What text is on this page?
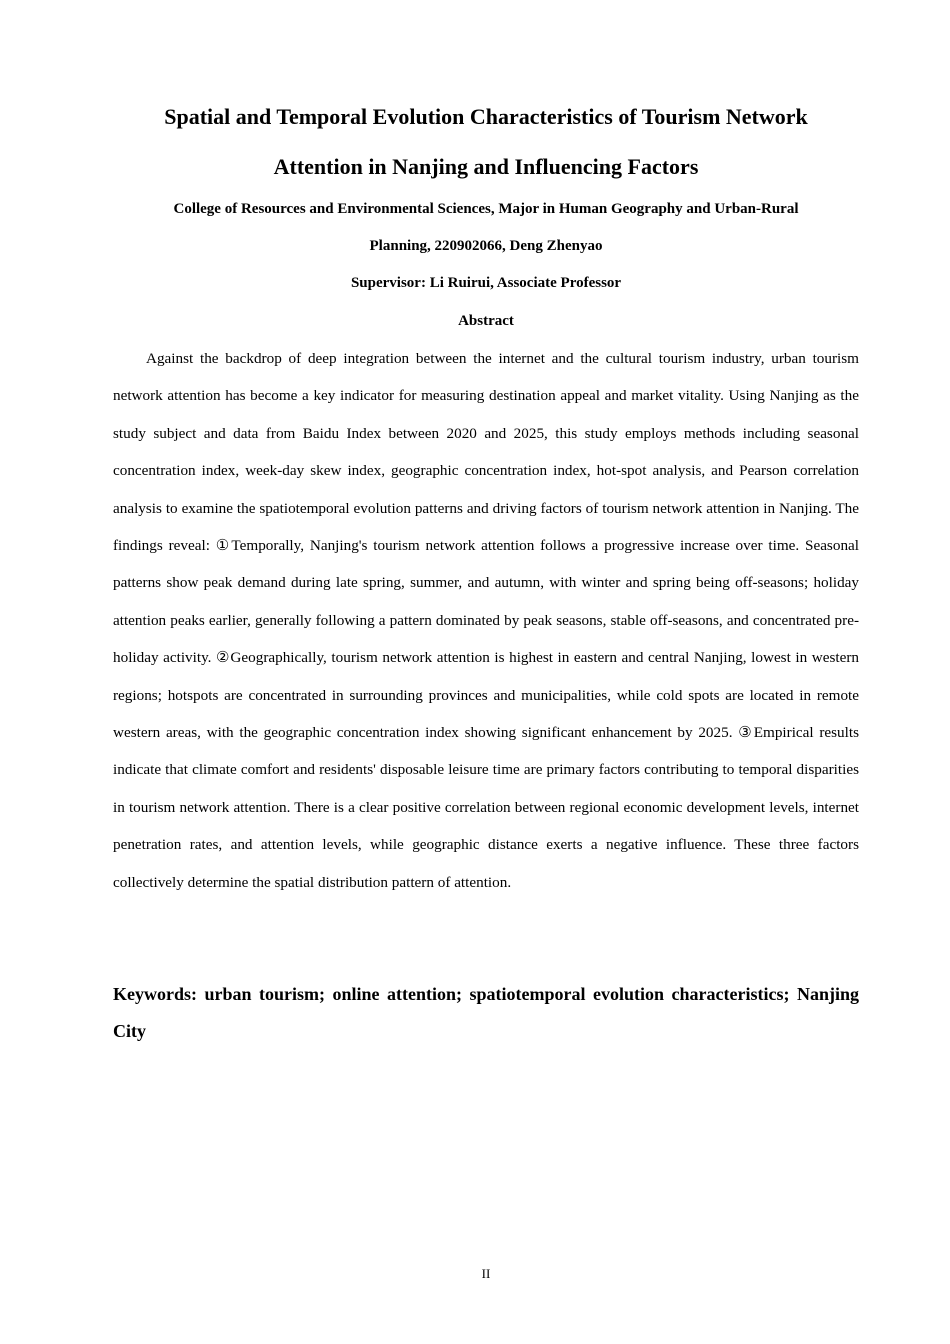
Spatial and Temporal Evolution Characteristics of Tourism Network
Attention in Nanjing and Influencing Factors

College of Resources and Environmental Sciences, Major in Human Geography and Urban-Rural

Planning, 220902066, Deng Zhenyao

Supervisor: Li Ruirui, Associate Professor

Abstract

Against the backdrop of deep integration between the internet and the cultural tourism industry, urban tourism network attention has become a key indicator for measuring destination appeal and market vitality. Using Nanjing as the study subject and data from Baidu Index between 2020 and 2025, this study employs methods including seasonal concentration index, week-day skew index, geographic concentration index, hot-spot analysis, and Pearson correlation analysis to examine the spatiotemporal evolution patterns and driving factors of tourism network attention in Nanjing. The findings reveal: ①Temporally, Nanjing's tourism network attention follows a progressive increase over time. Seasonal patterns show peak demand during late spring, summer, and autumn, with winter and spring being off-seasons; holiday attention peaks earlier, generally following a pattern dominated by peak seasons, stable off-seasons, and concentrated pre-holiday activity. ②Geographically, tourism network attention is highest in eastern and central Nanjing, lowest in western regions; hotspots are concentrated in surrounding provinces and municipalities, while cold spots are located in remote western areas, with the geographic concentration index showing significant enhancement by 2025. ③Empirical results indicate that climate comfort and residents' disposable leisure time are primary factors contributing to temporal disparities in tourism network attention. There is a clear positive correlation between regional economic development levels, internet penetration rates, and attention levels, while geographic distance exerts a negative influence. These three factors collectively determine the spatial distribution pattern of attention.

Keywords: urban tourism; online attention; spatiotemporal evolution characteristics; Nanjing City

II
